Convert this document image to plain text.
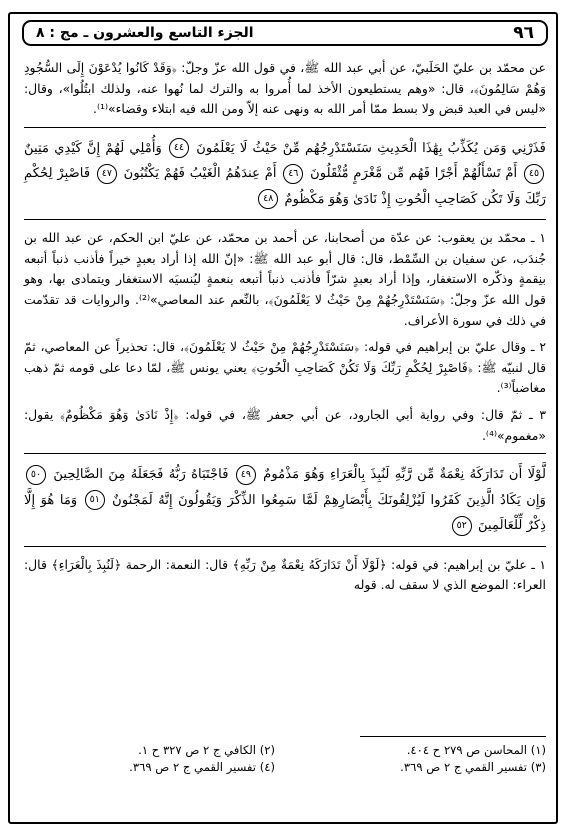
٩٦
الجزء التاسع والعشرون ـ مج : ٨

عن محمّد بن عليّ الحَلَبيّ، عن أبي عبد الله ﷺ، في قول الله عزّ وجلّ: ﴿وَقَدْ كَانُوا يُدْعَوْنَ إِلَى السُّجُودِ وَهُمْ سَالِمُونَ﴾، قال: «وهم يستطيعون الأخذ لما أُمروا به والترك لما نُهوا عنه، ولذلك ابتُلُوا»، وقال: «ليس في العبد قبض ولا بسط ممّا أمر الله به ونهى عنه إلاّ ومن الله فيه ابتلاء وقضاء»⁽¹⁾.

فَذَرْنِي وَمَن يُكَذِّبُ بِهَٰذَا الْحَدِيثِ سَنَسْتَدْرِجُهُم مِّنْ حَيْثُ لَا يَعْلَمُونَ ٤٤ وَأُمْلِي لَهُمْ إِنَّ كَيْدِي مَتِينٌ ٤٥ أَمْ تَسْأَلُهُمْ أَجْرًا فَهُم مِّن مَّغْرَمٍ مُّثْقَلُونَ ٤٦ أَمْ عِندَهُمُ الْغَيْبُ فَهُمْ يَكْتُبُونَ ٤٧ فَاصْبِرْ لِحُكْمِ رَبِّكَ وَلَا تَكُن كَصَاحِبِ الْحُوتِ إِذْ نَادَىٰ وَهُوَ مَكْظُومٌ ٤٨

١ ـ محمّد بن يعقوب: عن عدّة من أصحابنا، عن أحمد بن محمّد، عن عليّ ابن الحكم، عن عبد الله بن جُندَب، عن سفيان بن السِّمْط، قال: قال أبو عبد الله ﷺ: «إنّ الله إذا أراد بعبدٍ خيراً فأذنب ذنباً أتبعه بنِقمةٍ وذكّره الاستغفار، وإذا أراد بعبدٍ شرّاً فأذنب ذنباً أتبعه بنعمةٍ ليُنسيَه الاستغفار ويتمادى بها، وهو قول الله عزّ وجلّ: ﴿سَنَسْتَدْرِجُهُمْ مِنْ حَيْثُ لا يَعْلَمُونَ﴾، بالنِّعم عند المعاصي»⁽²⁾. والروايات قد تقدّمت في ذلك في سورة الأعراف.

٢ ـ وقال عليّ بن إبراهيم في قوله: ﴿سَنَسْتَدْرِجُهُمْ مِنْ حَيْثُ لا يَعْلَمُونَ﴾، قال: تحذيراً عن المعاصي، ثمّ قال لنبيّه ﷺ: ﴿فَاصْبِرْ لِحُكْمِ رَبِّكَ وَلَا تَكُنْ كَصَاحِبِ الْحُوتِ﴾ يعني يونس ﷺ، لمّا دعا على قومه ثمّ ذهب مغاضباً⁽³⁾.

٣ ـ ثمّ قال: وفي رواية أبي الجارود، عن أبي جعفر ﷺ، في قوله: ﴿إِذْ نَادَىٰ وَهُوَ مَكْظُومٌ﴾ يقول: «مغموم»⁽⁴⁾.

لَّوْلَا أَن تَدَارَكَهُ نِعْمَةٌ مِّن رَّبِّهِ لَنُبِذَ بِالْعَرَاءِ وَهُوَ مَذْمُومٌ ٤٩ فَاجْتَبَاهُ رَبُّهُ فَجَعَلَهُ مِنَ الصَّالِحِينَ ٥٠ وَإِن يَكَادُ الَّذِينَ كَفَرُوا لَيُزْلِقُونَكَ بِأَبْصَارِهِمْ لَمَّا سَمِعُوا الذِّكْرَ وَيَقُولُونَ إِنَّهُ لَمَجْنُونٌ ٥١ وَمَا هُوَ إِلَّا ذِكْرٌ لِّلْعَالَمِينَ ٥٢

١ ـ عليّ بن إبراهيم: في قوله: ﴿لَوْلَا أَنْ تَدَارَكَهُ نِعْمَةٌ مِنْ رَبِّهِ﴾ قال: النعمة: الرحمة ﴿لَنُبِذَ بِالْعَرَاءِ﴾ قال: العراء: الموضع الذي لا سقف له. قوله

(١) المحاسن ص ٢٧٩ ح ٤٠٤.
(٢) الكافي ج ٢ ص ٣٢٧ ح ١.
(٣) تفسير القمي ج ٢ ص ٣٦٩.
(٤) تفسير القمي ج ٢ ص ٣٦٩.
